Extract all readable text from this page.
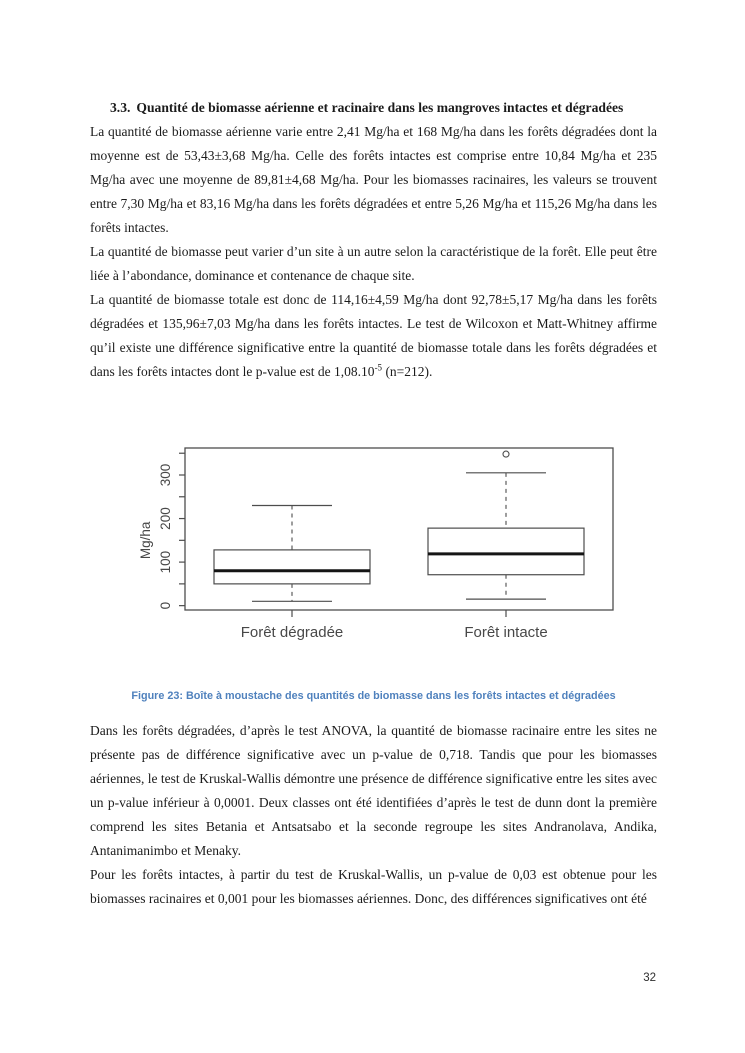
3.3. Quantité de biomasse aérienne et racinaire dans les mangroves intactes et dégradées

La quantité de biomasse aérienne varie entre 2,41 Mg/ha et 168 Mg/ha dans les forêts dégradées dont la moyenne est de 53,43±3,68 Mg/ha. Celle des forêts intactes est comprise entre 10,84 Mg/ha et 235 Mg/ha avec une moyenne de 89,81±4,68 Mg/ha. Pour les biomasses racinaires, les valeurs se trouvent entre 7,30 Mg/ha et 83,16 Mg/ha dans les forêts dégradées et entre 5,26 Mg/ha et 115,26 Mg/ha dans les forêts intactes.

La quantité de biomasse peut varier d’un site à un autre selon la caractéristique de la forêt. Elle peut être liée à l’abondance, dominance et contenance de chaque site.

La quantité de biomasse totale est donc de 114,16±4,59 Mg/ha dont 92,78±5,17 Mg/ha dans les forêts dégradées et 135,96±7,03 Mg/ha dans les forêts intactes. Le test de Wilcoxon et Matt-Whitney affirme qu’il existe une différence significative entre la quantité de biomasse totale dans les forêts dégradées et dans les forêts intactes dont le p-value est de $1,08.10^{-5}$ (n=212).

0
100
200
300
Mg/ha
Forêt dégradée	Forêt intacte
Figure 23: Boîte à moustache des quantités de biomasse dans les forêts intactes et dégradées

Dans les forêts dégradées, d’après le test ANOVA, la quantité de biomasse racinaire entre les sites ne présente pas de différence significative avec un p-value de 0,718. Tandis que pour les biomasses aériennes, le test de Kruskal-Wallis démontre une présence de différence significative entre les sites avec un p-value inférieur à 0,0001. Deux classes ont été identifiées d’après le test de dunn dont la première comprend les sites Betania et Antsatsabo et la seconde regroupe les sites Andranolava, Andika, Antanimanimbo et Menaky.

Pour les forêts intactes, à partir du test de Kruskal-Wallis, un p-value de 0,03 est obtenue pour les biomasses racinaires et 0,001 pour les biomasses aériennes. Donc, des différences significatives ont été

32
